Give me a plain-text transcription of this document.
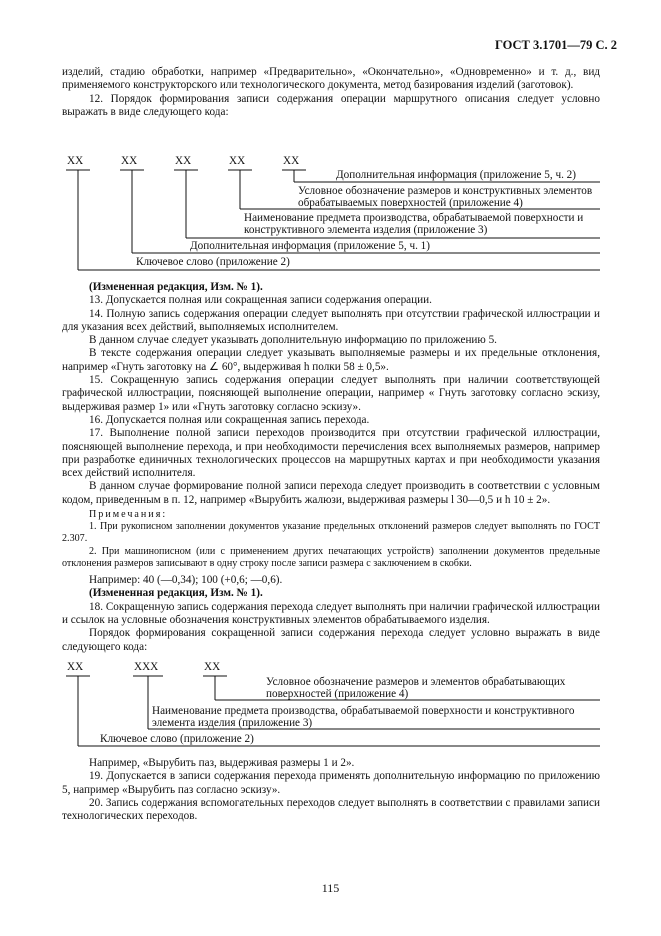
ГОСТ 3.1701—79 С. 2

изделий, стадию обработки, например «Предварительно», «Окончательно», «Одновременно» и т. д., вид применяемого конструкторского или технологического документа, метод базирования изделий (заготовок).

12. Порядок формирования записи содержания операции маршрутного описания следует условно выражать в виде следующего кода:

XX	XX	XX	XX	XX
Дополнительная информация (приложение 5, ч. 2)
Условное обозначение размеров и конструктивных элементов
обрабатываемых поверхностей (приложение 4)
Наименование предмета производства, обрабатываемой поверхности и
конструктивного элемента изделия (приложение 3)
Дополнительная информация (приложение 5, ч. 1)
Ключевое слово (приложение 2)

(Измененная редакция, Изм. № 1).

13. Допускается полная или сокращенная записи содержания операции.

14. Полную запись содержания операции следует выполнять при отсутствии графической иллюстрации и для указания всех действий, выполняемых исполнителем.

В данном случае следует указывать дополнительную информацию по приложению 5.

В тексте содержания операции следует указывать выполняемые размеры и их предельные отклонения, например «Гнуть заготовку на ∠ 60°, выдерживая h полки 58 ± 0,5».

15. Сокращенную запись содержания операции следует выполнять при наличии соответствующей графической иллюстрации, поясняющей выполнение операции, например « Гнуть заготовку согласно эскизу, выдерживая размер 1» или «Гнуть заготовку согласно эскизу».

16. Допускается полная или сокращенная запись перехода.

17. Выполнение полной записи переходов производится при отсутствии графической иллюстрации, поясняющей выполнение перехода, и при необходимости перечисления всех выполняемых размеров, например при разработке единичных технологических процессов на маршрутных картах и при необходимости указания всех действий исполнителя.

В данном случае формирование полной записи перехода следует производить в соответствии с условным кодом, приведенным в п. 12, например «Вырубить жалюзи, выдерживая размеры l 30—0,5 и h 10 ± 2».

Примечания:

1. При рукописном заполнении документов указание предельных отклонений размеров следует выполнять по ГОСТ 2.307.

2. При машинописном (или с применением других печатающих устройств) заполнении документов предельные отклонения размеров записывают в одну строку после записи размера с заключением в скобки.

Например: 40 (—0,34); 100 (+0,6; —0,6).

(Измененная редакция, Изм. № 1).

18. Сокращенную запись содержания перехода следует выполнять при наличии графической иллюстрации и ссылок на условные обозначения конструктивных элементов обрабатываемого изделия.

Порядок формирования сокращенной записи содержания перехода следует условно выражать в виде следующего кода:

XX	XXX	XX
Условное обозначение размеров и элементов обрабатывающих
поверхностей (приложение 4)
Наименование предмета производства, обрабатываемой поверхности и конструктивного
элемента изделия (приложение 3)
Ключевое слово (приложение 2)

Например, «Вырубить паз, выдерживая размеры 1 и 2».

19. Допускается в записи содержания перехода применять дополнительную информацию по приложению 5, например «Вырубить паз согласно эскизу».

20. Запись содержания вспомогательных переходов следует выполнять в соответствии с правилами записи технологических переходов.

115
